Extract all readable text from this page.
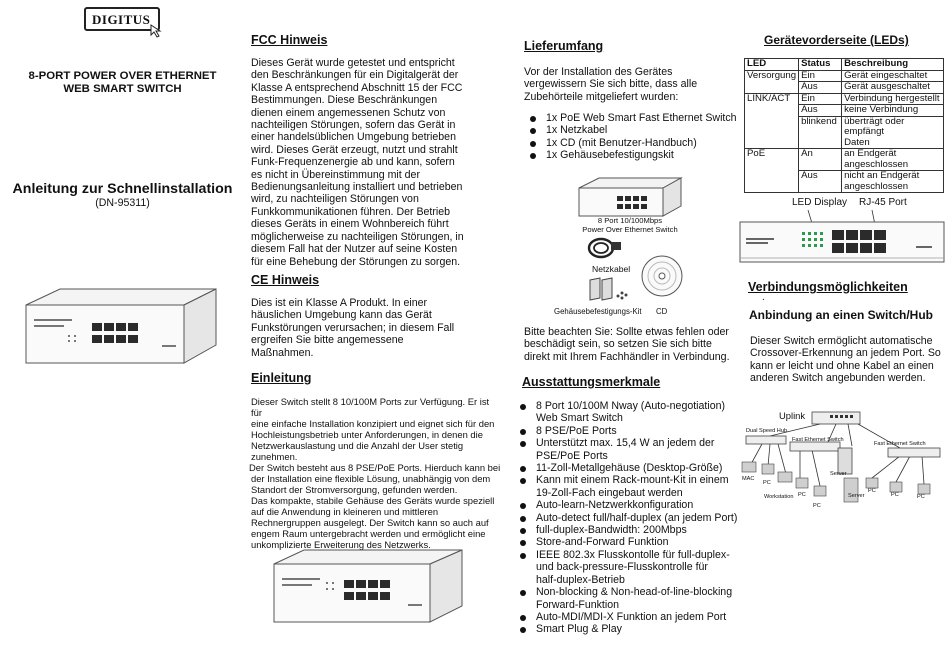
DIGITUS
8-PORT POWER OVER ETHERNET
WEB SMART SWITCH
Anleitung zur Schnellinstallation
(DN-95311)
FCC Hinweis
Dieses Gerät wurde getestet und entspricht
den Beschränkungen für ein Digitalgerät der
Klasse A entsprechend Abschnitt 15 der FCC
Bestimmungen. Diese Beschränkungen
dienen einem angemessenen Schutz von
nachteiligen Störungen, sofern das Gerät in
einer handelsüblichen Umgebung betrieben
wird. Dieses Gerät erzeugt, nutzt und strahlt
Funk-Frequenzenergie ab und kann, sofern
es nicht in Übereinstimmung mit der
Bedienungsanleitung installiert und betrieben
wird, zu nachteiligen Störungen von
Funkkommunikationen führen. Der Betrieb
dieses Geräts in einem Wohnbereich führt
möglicherweise zu nachteiligen Störungen, in
diesem Fall hat der Nutzer auf seine Kosten
für eine Behebung der Störungen zu sorgen.
CE Hinweis
Dies ist ein Klasse A Produkt. In einer
häuslichen Umgebung kann das Gerät
Funkstörungen verursachen; in diesem Fall
ergreifen Sie bitte angemessene
Maßnahmen.
Einleitung
Dieser Switch stellt 8 10/100M Ports zur Verfügung. Er ist für
eine einfache Installation konzipiert und eignet sich für den
Hochleistungsbetrieb unter Anforderungen, in denen die
Netzwerkauslastung und die Anzahl der User stetig
zunehmen.
Der Switch besteht aus 8 PSE/PoE Ports. Hierduch kann bei
der Installation eine flexible Lösung, unabhängig von dem
Standort der Stromversorgung, gefunden werden.
Das kompakte, stabile Gehäuse des Geräts wurde speziell
auf die Anwendung in kleineren und mittleren
Rechnergruppen ausgelegt. Der Switch kann so auch auf
engem Raum untergebracht werden und ermöglicht eine
unkomplizierte Erweiterung des Netzwerks.
Lieferumfang
Vor der Installation des Gerätes
vergewissern Sie sich bitte, dass alle
Zubehörteile mitgeliefert wurden:
1x PoE Web Smart Fast Ethernet Switch
1x Netzkabel
1x CD (mit Benutzer-Handbuch)
1x Gehäusebefestigungskit
8 Port 10/100Mbps
Power Over Ethernet Switch
Netzkabel
Gehäusebefestigungs-Kit CD
Bitte beachten Sie: Sollte etwas fehlen oder
beschädigt sein, so setzen Sie sich bitte
direkt mit Ihrem Fachhändler in Verbindung.
Ausstattungsmerkmale
8 Port 10/100M Nway (Auto-negotiation)
Web Smart Switch
8 PSE/PoE Ports
Unterstützt max. 15,4 W an jedem der
PSE/PoE Ports
11-Zoll-Metallgehäuse (Desktop-Größe)
Kann mit einem Rack-mount-Kit in einem
19-Zoll-Fach eingebaut werden
Auto-learn-Netzwerkkonfiguration
Auto-detect full/half-duplex (an jedem Port)
full-duplex-Bandwidth: 200Mbps
Store-and-Forward Funktion
IEEE 802.3x Flusskontolle für full-duplex-
und back-pressure-Flusskontrolle für
half-duplex-Betrieb
Non-blocking & Non-head-of-line-blocking
Forward-Funktion
Auto-MDI/MDI-X Funktion an jedem Port
Smart Plug & Play
Gerätevorderseite (LEDs)
LED	Status	Beschreibung
Versorgung	Ein	Gerät eingeschaltet
	Aus	Gerät ausgeschaltet
LINK/ACT	Ein	Verbindung hergestellt
	Aus	keine Verbindung
	blinkend	überträgt oder empfängt
Daten

PoE	An	an Endgerät
angeschlossen

	Aus	nicht an Endgerät
angeschlossen
LED Display RJ-45 Port
Verbindungsmöglichkeiten
.
Anbindung an einen Switch/Hub
Dieser Switch ermöglicht automatische
Crossover-Erkennung an jedem Port. So
kann er leicht und ohne Kabel an einen
anderen Switch angebunden werden.
Uplink
Dual Speed Hub
Fast Ethernet Switch
Fast Ethernet Switch
Server
MAC
PC
Workstation PC
PC
Server
PC
PC	PC
